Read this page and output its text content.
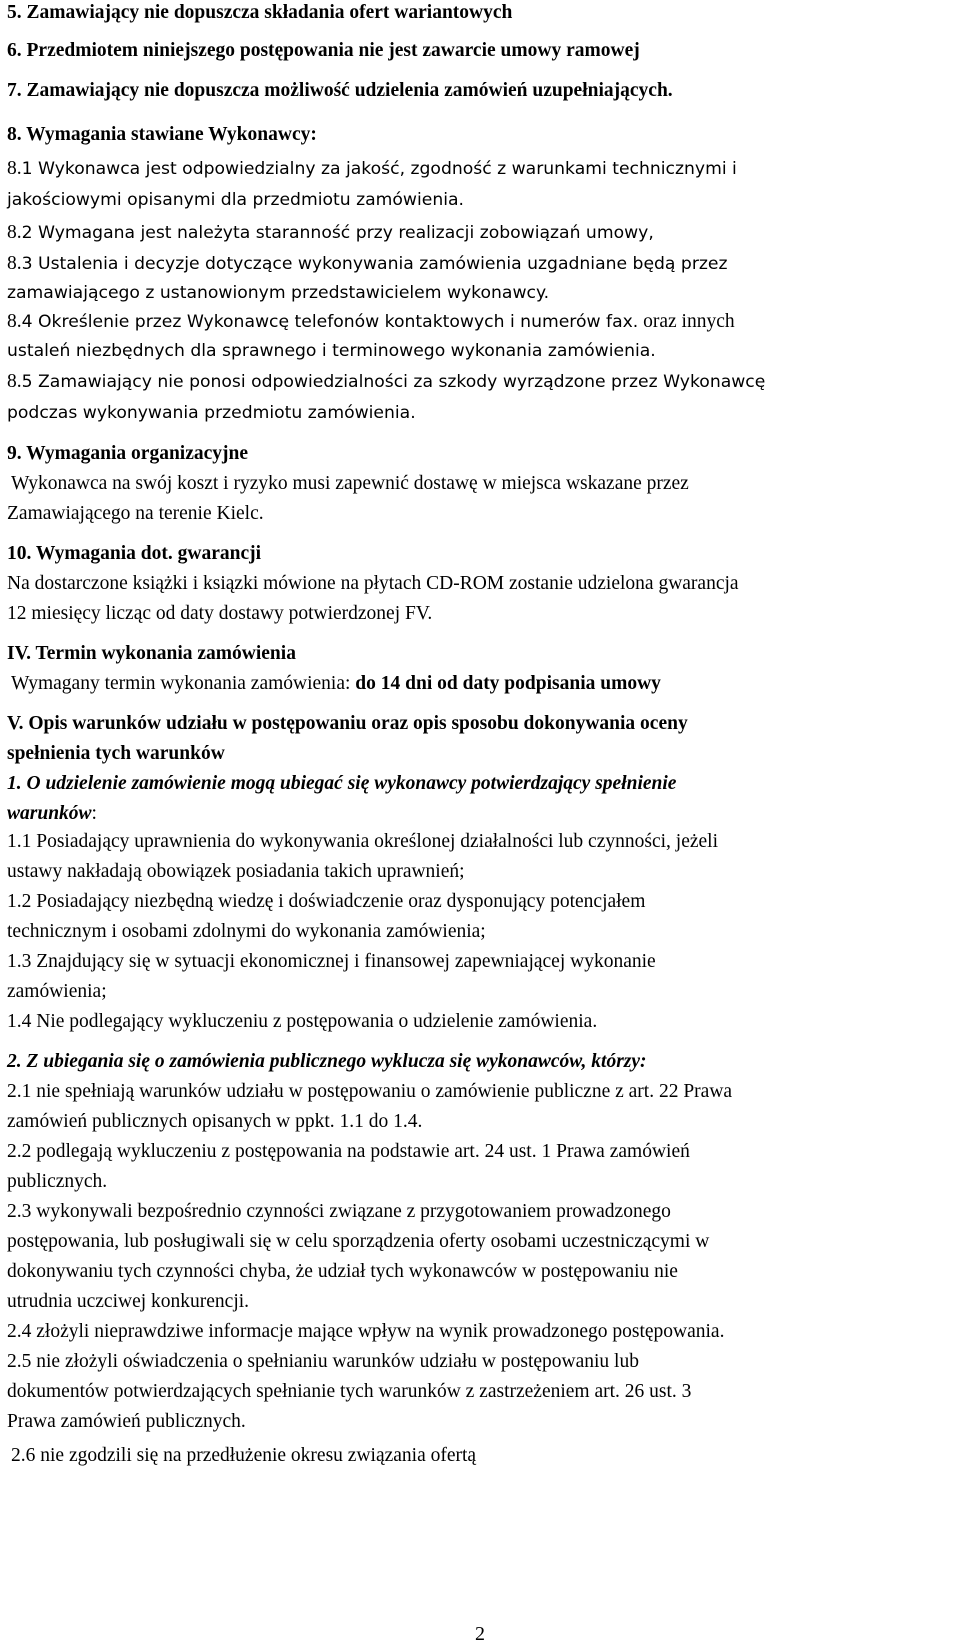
2
5. Zamawiający nie dopuszcza składania ofert wariantowych
6. Przedmiotem niniejszego postępowania nie jest zawarcie umowy ramowej
7. Zamawiający nie dopuszcza możliwość udzielenia zamówień uzupełniających.
8. Wymagania stawiane Wykonawcy:
8.1 Wykonawca jest odpowiedzialny za jakość, zgodność z warunkami technicznymi i
jakościowymi opisanymi dla przedmiotu zamówienia.
8.2 Wymagana jest należyta staranność przy realizacji zobowiązań umowy,
8.3 Ustalenia i decyzje dotyczące wykonywania zamówienia uzgadniane będą przez
zamawiającego z ustanowionym przedstawicielem wykonawcy.
8.4 Określenie przez Wykonawcę telefonów kontaktowych i numerów fax. oraz innych
ustaleń niezbędnych dla sprawnego i terminowego wykonania zamówienia.
8.5 Zamawiający nie ponosi odpowiedzialności za szkody wyrządzone przez Wykonawcę
podczas wykonywania przedmiotu zamówienia.
9. Wymagania organizacyjne
Wykonawca na swój koszt i ryzyko musi zapewnić dostawę w miejsca wskazane przez
Zamawiającego na terenie Kielc.
10. Wymagania dot. gwarancji
Na dostarczone książki i ksiązki mówione na płytach CD-ROM zostanie udzielona gwarancja
12 miesięcy licząc od daty dostawy potwierdzonej FV.
IV. Termin wykonania zamówienia
Wymagany termin wykonania zamówienia: do 14 dni od daty podpisania umowy
V. Opis warunków udziału w postępowaniu oraz opis sposobu dokonywania oceny
spełnienia tych warunków
1. O udzielenie zamówienie mogą ubiegać się wykonawcy potwierdzający spełnienie
warunków:
1.1 Posiadający uprawnienia do wykonywania określonej działalności lub czynności, jeżeli
ustawy nakładają obowiązek posiadania takich uprawnień;
1.2 Posiadający niezbędną wiedzę i doświadczenie oraz dysponujący potencjałem
technicznym i osobami zdolnymi do wykonania zamówienia;
1.3 Znajdujący się w sytuacji ekonomicznej i finansowej zapewniającej wykonanie
zamówienia;
1.4 Nie podlegający wykluczeniu z postępowania o udzielenie zamówienia.
2. Z ubiegania się o zamówienia publicznego wyklucza się wykonawców, którzy:
2.1 nie spełniają warunków udziału w postępowaniu o zamówienie publiczne z art. 22 Prawa
zamówień publicznych opisanych w ppkt. 1.1 do 1.4.
2.2 podlegają wykluczeniu z postępowania na podstawie art. 24 ust. 1 Prawa zamówień
publicznych.
2.3 wykonywali bezpośrednio czynności związane z przygotowaniem prowadzonego
postępowania, lub posługiwali się w celu sporządzenia oferty osobami uczestniczącymi w
dokonywaniu tych czynności chyba, że udział tych wykonawców w postępowaniu nie
utrudnia uczciwej konkurencji.
2.4 złożyli nieprawdziwe informacje mające wpływ na wynik prowadzonego postępowania.
2.5 nie złożyli oświadczenia o spełnianiu warunków udziału w postępowaniu lub
dokumentów potwierdzających spełnianie tych warunków z zastrzeżeniem art. 26 ust. 3
Prawa zamówień publicznych.
2.6 nie zgodzili się na przedłużenie okresu związania ofertą
